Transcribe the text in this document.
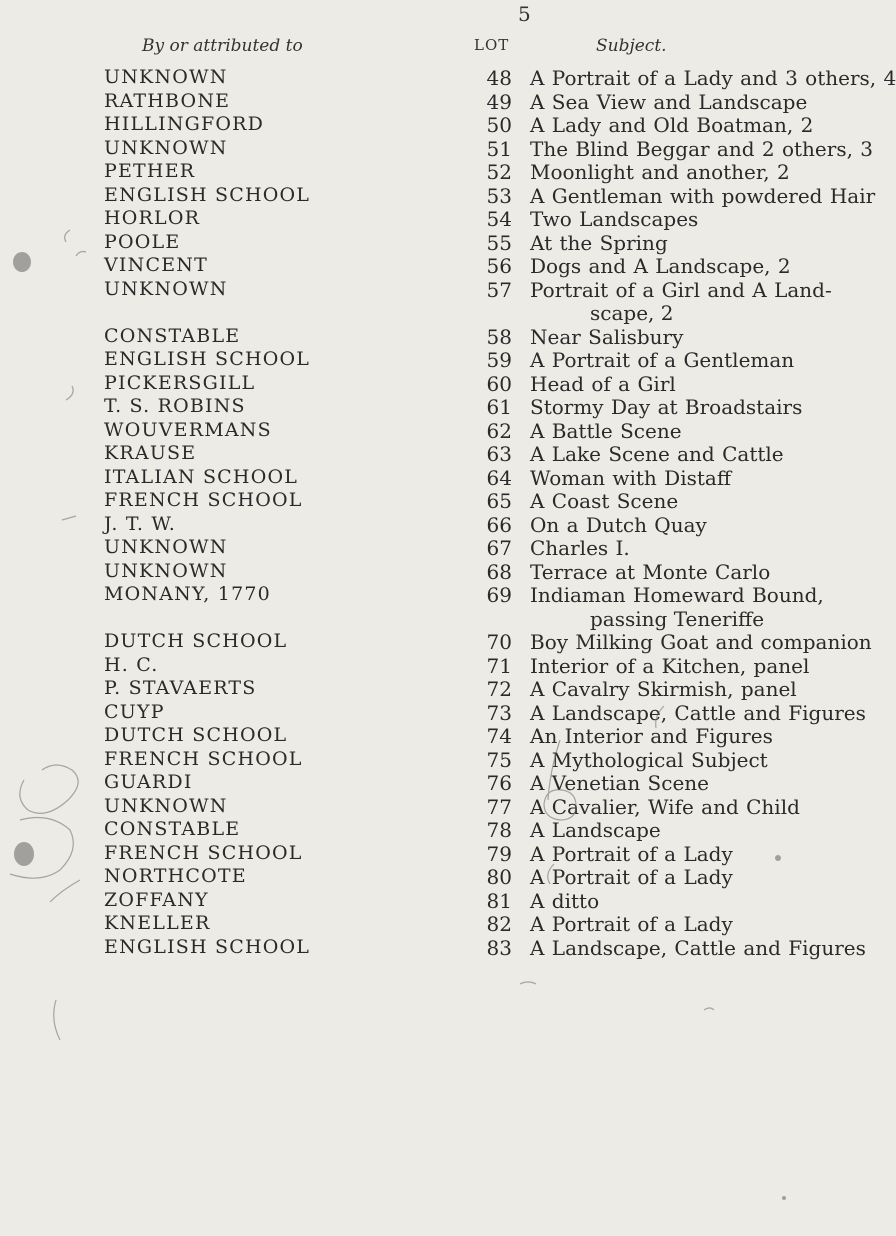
5
By or attributed to	LOT	Subject.
UNKNOWN	48 A Portrait of a Lady and 3 others, 4
RATHBONE	49 A Sea View and Landscape
HILLINGFORD	50 A Lady and Old Boatman, 2
UNKNOWN	51 The Blind Beggar and 2 others, 3
PETHER	52 Moonlight and another, 2
ENGLISH SCHOOL	53 A Gentleman with powdered Hair
HORLOR	54 Two Landscapes
POOLE	55 At the Spring
VINCENT	56 Dogs and A Landscape, 2
UNKNOWN	57 Portrait of a Girl and A Land-
scape, 2
CONSTABLE	58 Near Salisbury
ENGLISH SCHOOL	59 A Portrait of a Gentleman
PICKERSGILL	60 Head of a Girl
T. S. ROBINS	61 Stormy Day at Broadstairs
WOUVERMANS	62 A Battle Scene
KRAUSE	63 A Lake Scene and Cattle
ITALIAN SCHOOL	64 Woman with Distaff
FRENCH SCHOOL	65 A Coast Scene
J. T. W.	66 On a Dutch Quay
UNKNOWN	67 Charles I.
UNKNOWN	68 Terrace at Monte Carlo
MONANY, 1770	69 Indiaman Homeward Bound,
passing Teneriffe
DUTCH SCHOOL	70 Boy Milking Goat and companion
H. C.	71 Interior of a Kitchen, panel
P. STAVAERTS	72 A Cavalry Skirmish, panel
CUYP	73 A Landscape, Cattle and Figures
DUTCH SCHOOL	74 An Interior and Figures
FRENCH SCHOOL	75 A Mythological Subject
GUARDI	76 A Venetian Scene
UNKNOWN	77 A Cavalier, Wife and Child
CONSTABLE	78 A Landscape
FRENCH SCHOOL	79 A Portrait of a Lady
NORTHCOTE	80 A Portrait of a Lady
ZOFFANY	81 A ditto
KNELLER	82 A Portrait of a Lady
ENGLISH SCHOOL	83 A Landscape, Cattle and Figures
